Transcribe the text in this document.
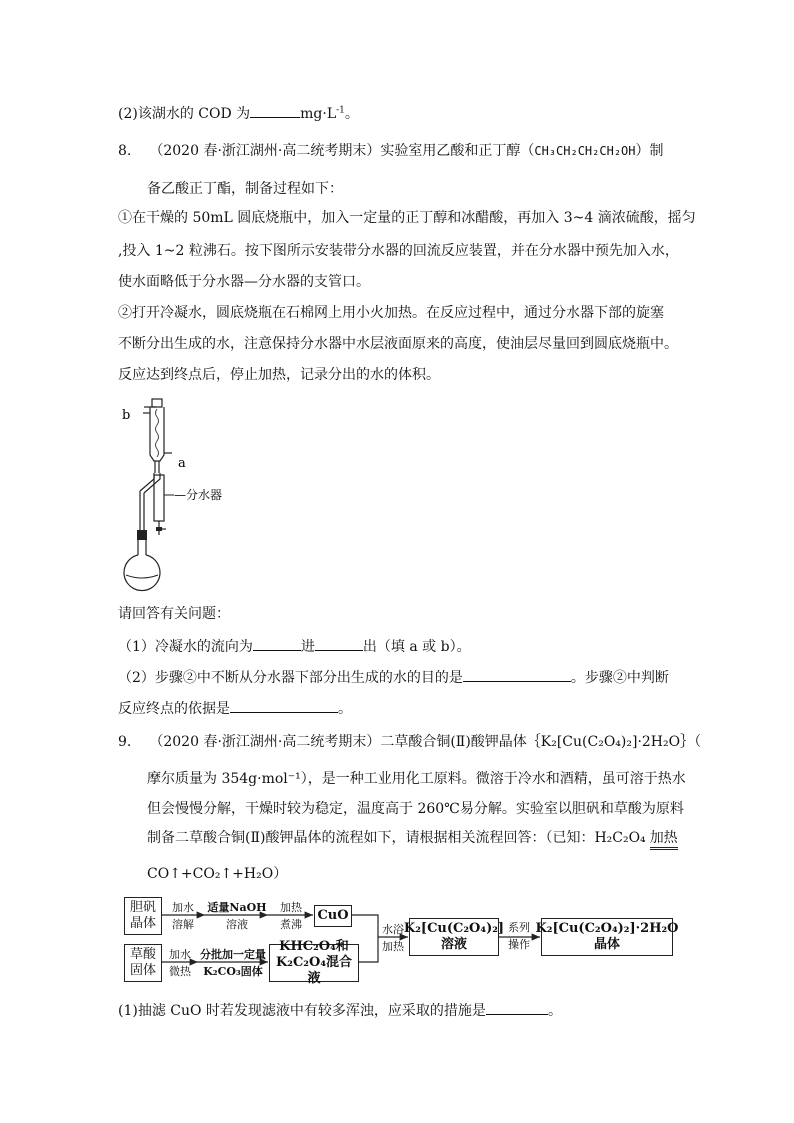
(2)该湖水的 COD 为	$mg\cdot L^{-1}$。
8. （2020 春·浙江湖州·高二统考期末）实验室用乙酸和正丁醇（CH₃CH₂CH₂CH₂OH）制
备乙酸正丁酯，制备过程如下：
①在干燥的 50mL 圆底烧瓶中，加入一定量的正丁醇和冰醋酸，再加入 3~4 滴浓硫酸，摇匀
,投入 1~2 粒沸石。按下图所示安装带分水器的回流反应装置，并在分水器中预先加入水，
使水面略低于分水器—分水器的支管口。
②打开冷凝水，圆底烧瓶在石棉网上用小火加热。在反应过程中，通过分水器下部的旋塞
不断分出生成的水，注意保持分水器中水层液面原来的高度，使油层尽量回到圆底烧瓶中。
反应达到终点后，停止加热，记录分出的水的体积。
b
a
—分水器
请回答有关问题：
（1）冷凝水的流向为	进	出（填 a 或 b）。
（2）步骤②中不断从分水器下部分出生成的水的目的是	。步骤②中判断
反应终点的依据是	。
9. （2020 春·浙江湖州·高二统考期末）二草酸合铜(Ⅱ)酸钾晶体｛K₂[Cu(C₂O₄)₂]·2H₂O｝（
摩尔质量为 354g·mol⁻¹），是一种工业用化工原料。微溶于冷水和酒精，虽可溶于热水
但会慢慢分解，干燥时较为稳定，温度高于 260℃易分解。实验室以胆矾和草酸为原料
制备二草酸合铜(Ⅱ)酸钾晶体的流程如下，请根据相关流程回答：（已知：H₂C₂O₄ 加热
CO↑+CO₂↑+H₂O）
胆矾
晶体
草酸
固体
加水
溶解
适量NaOH
溶液
加热
煮沸
CuO
加水
微热
分批加一定量
K₂CO₃固体
KHC₂O₄和
K₂C₂O₄混合液
水浴
加热
K₂[Cu(C₂O₄)₂]
溶液
系列
操作
K₂[Cu(C₂O₄)₂]·2H₂O
晶体
(1)抽滤 CuO 时若发现滤液中有较多浑浊，应采取的措施是	。
